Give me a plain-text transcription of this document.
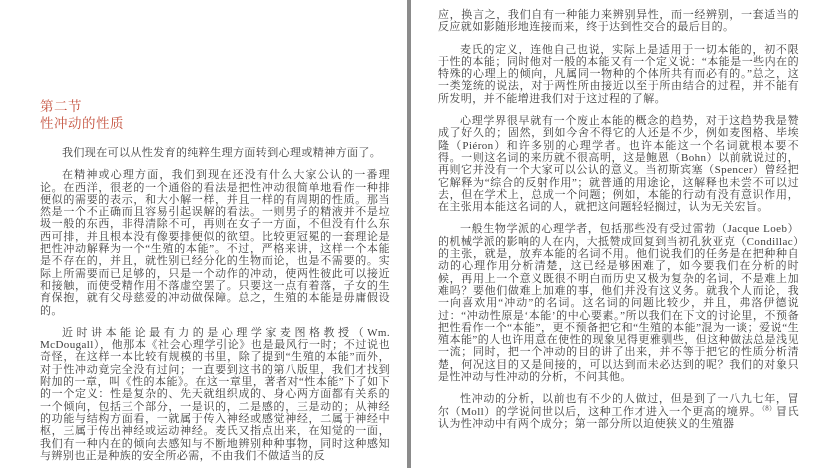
第二节
性冲动的性质

我们现在可以从性发育的纯粹生理方面转到心理或精神方面了。

在精神或心理方面，我们到现在还没有什么大家公认的一番理论。在西洋，很老的一个通俗的看法是把性冲动很简单地看作一种排便似的需要的表示，和大小解一样，并且一样的有周期的性质。那当然是一个不正确而且容易引起误解的看法。一则男子的精液并不是垃圾一般的东西，非得清除不可，再则在女子一方面，不但没有什么东西可排，并且根本没有像要排便似的欲望。比较更冠冕的一套理论是把性冲动解释为一个“生殖的本能”。不过，严格来讲，这样一个本能是不存在的，并且，就性别已经分化的生物而论，也是不需要的。实际上所需要而已足够的，只是一个动作的冲动，使两性彼此可以接近和接触，而使受精作用不落虚空罢了。只要这一点有着落，子女的生育保抱，就有父母慈爱的冲动做保障。总之，生殖的本能是毋庸假设的。

近时讲本能论最有力的是心理学家麦图格教授（Wm. McDougall），他那本《社会心理学引论》也是最风行一时；不过说也奇怪，在这样一本比较有规模的书里，除了提到“生殖的本能”而外，对于性冲动竟完全没有过问；一直要到这书的第八版里，我们才找到附加的一章，叫《性的本能》。在这一章里，著者对“性本能”下了如下的一个定义：性是复杂的、先天就组织成的、身心两方面都有关系的一个倾向，包括三个部分，一是识的，二是感的，三是动的；从神经的功能与结构方面看，一就属于传入神经或感觉神经，二属于神经中枢，三属于传出神经或运动神经。麦氏又指点出来，在知觉的一面，我们有一种内在的倾向去感知与不断地辨别种种事物，同时这种感知与辨别也正是种族的安全所必需，不由我们不做适当的反

应，换言之，我们自有一种能力来辨别异性，而一经辨别，一套适当的反应就如影随形地连接而来，终于达到性交合的最后目的。

麦氏的定义，连他自己也说，实际上是适用于一切本能的，初不限于性的本能；同时他对一般的本能又有一个定义说：“本能是一些内在的特殊的心理上的倾向，凡属同一物种的个体所共有而必有的。”总之，这一类笼统的说法，对于两性所由接近以至于所由结合的过程，并不能有所发明，并不能增进我们对于这过程的了解。

心理学界很早就有一个废止本能的概念的趋势，对于这趋势我是赞成了好久的；固然，到如今舍不得它的人还是不少，例如麦图格、毕埃隆（Piéron）和许多别的心理学者。也许本能这一个名词就根本要不得。一则这名词的来历就不很高明，这是鲍恩（Bohn）以前就说过的，再则它并没有一个大家可以公认的意义。当初斯宾塞（Spencer）曾经把它解释为“综合的反射作用”；就普通的用途论，这解释也未尝不可以过去，但在学术上，总成一个问题；例如，本能的行动有没有意识作用，在主张用本能这名词的人，就把这问题轻轻搁过，认为无关宏旨。

一般生物学派的心理学者，包括那些没有受过雷勃（Jacque Loeb）的机械学派的影响的人在内，大抵赞成回复到当初孔狄亚克（Condillac）的主张，就是，放弃本能的名词不用。他们说我们的任务是在把种种自动的心理作用分析清楚，这已经是够困难了，如今要我们在分析的时候，再用上一个意义既很不明白而历史又极为复杂的名词，不是难上加难吗？要他们做难上加难的事，他们并没有这义务。就我个人而论，我一向喜欢用“冲动”的名词。这名词的问题比较少，并且，弗洛伊德说过：“冲动性原是‘本能’的中心要素。”所以我们在下文的讨论里，不预备把性看作一个“本能”，更不预备把它和“生殖的本能”混为一谈；爱说“生殖本能”的人也许用意在使性的现象见得更雅驯些，但这种做法总是浅见一流；同时，把一个冲动的目的讲了出来，并不等于把它的性质分析清楚，何况这目的又是间接的，可以达到而未必达到的呢？我们的对象只是性冲动与性冲动的分析，不问其他。

性冲动的分析，以前也有不少的人做过，但是到了一八九七年，冒尔（Moll）的学说问世以后，这种工作才进入一个更高的境界。$^{(8)}$冒氏认为性冲动中有两个成分；第一部分所以迫使狭义的生殖器
